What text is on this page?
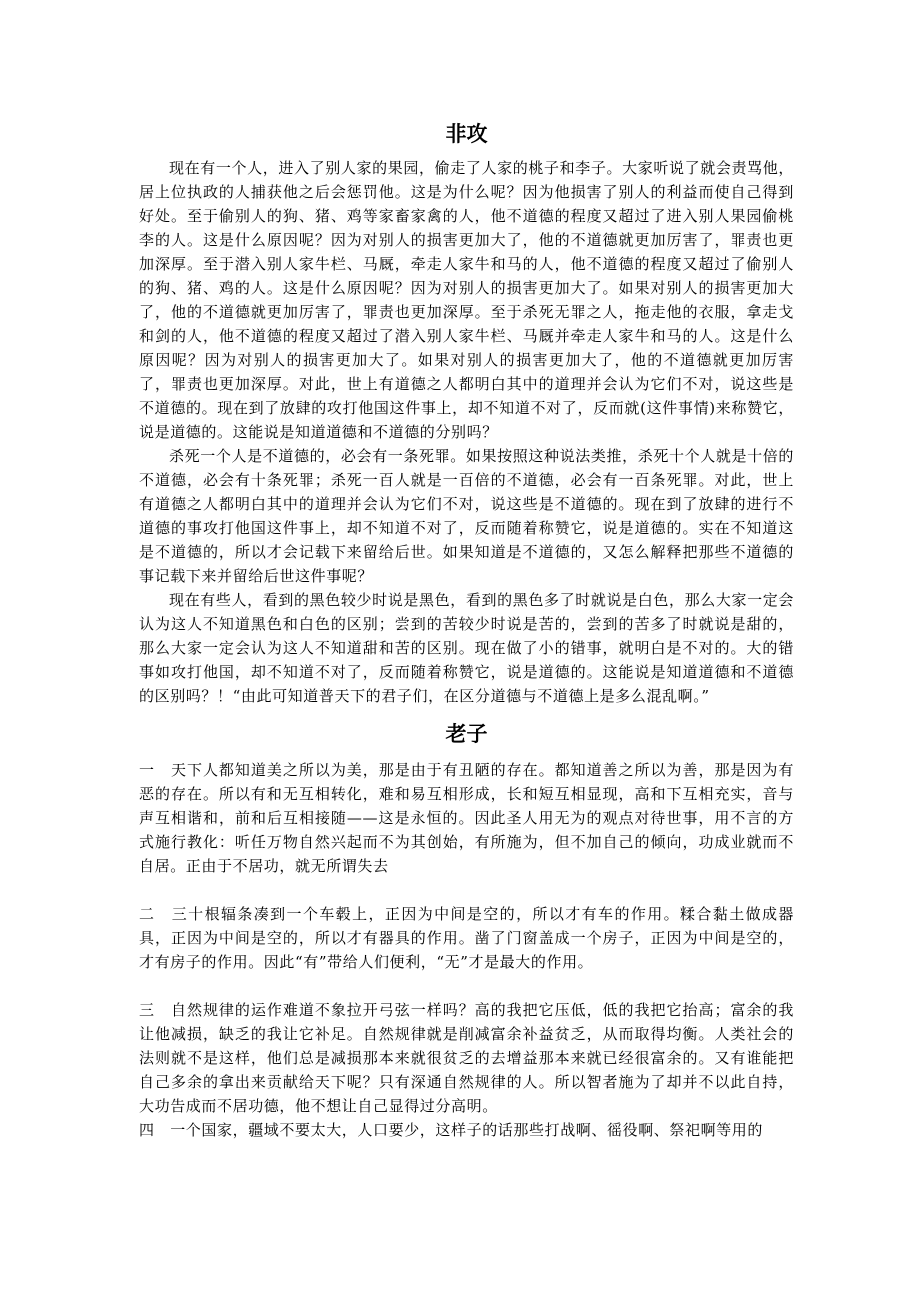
非攻

现在有一个人，进入了别人家的果园，偷走了人家的桃子和李子。大家听说了就会责骂他，居上位执政的人捕获他之后会惩罚他。这是为什么呢？因为他损害了别人的利益而使自己得到好处。至于偷别人的狗、猪、鸡等家畜家禽的人，他不道德的程度又超过了进入别人果园偷桃李的人。这是什么原因呢？因为对别人的损害更加大了，他的不道德就更加厉害了，罪责也更加深厚。至于潜入别人家牛栏、马厩，牵走人家牛和马的人，他不道德的程度又超过了偷别人的狗、猪、鸡的人。这是什么原因呢？因为对别人的损害更加大了。如果对别人的损害更加大了，他的不道德就更加厉害了，罪责也更加深厚。至于杀死无罪之人，拖走他的衣服，拿走戈和剑的人，他不道德的程度又超过了潜入别人家牛栏、马厩并牵走人家牛和马的人。这是什么原因呢？因为对别人的损害更加大了。如果对别人的损害更加大了，他的不道德就更加厉害了，罪责也更加深厚。对此，世上有道德之人都明白其中的道理并会认为它们不对，说这些是不道德的。现在到了放肆的攻打他国这件事上，却不知道不对了，反而就(这件事情)来称赞它，说是道德的。这能说是知道道德和不道德的分别吗？

杀死一个人是不道德的，必会有一条死罪。如果按照这种说法类推，杀死十个人就是十倍的不道德，必会有十条死罪；杀死一百人就是一百倍的不道德，必会有一百条死罪。对此，世上有道德之人都明白其中的道理并会认为它们不对，说这些是不道德的。现在到了放肆的进行不道德的事攻打他国这件事上，却不知道不对了，反而随着称赞它，说是道德的。实在不知道这是不道德的，所以才会记载下来留给后世。如果知道是不道德的，又怎么解释把那些不道德的事记载下来并留给后世这件事呢？

现在有些人，看到的黑色较少时说是黑色，看到的黑色多了时就说是白色，那么大家一定会认为这人不知道黑色和白色的区别；尝到的苦较少时说是苦的，尝到的苦多了时就说是甜的，那么大家一定会认为这人不知道甜和苦的区别。现在做了小的错事，就明白是不对的。大的错事如攻打他国，却不知道不对了，反而随着称赞它，说是道德的。这能说是知道道德和不道德的区别吗？！“由此可知道普天下的君子们，在区分道德与不道德上是多么混乱啊。”

老子

一　天下人都知道美之所以为美，那是由于有丑陋的存在。都知道善之所以为善，那是因为有恶的存在。所以有和无互相转化，难和易互相形成，长和短互相显现，高和下互相充实，音与声互相谐和，前和后互相接随——这是永恒的。因此圣人用无为的观点对待世事，用不言的方式施行教化：听任万物自然兴起而不为其创始，有所施为，但不加自己的倾向，功成业就而不自居。正由于不居功，就无所谓失去

二　三十根辐条凑到一个车毂上，正因为中间是空的，所以才有车的作用。糅合黏土做成器具，正因为中间是空的，所以才有器具的作用。凿了门窗盖成一个房子，正因为中间是空的，才有房子的作用。因此“有”带给人们便利，“无”才是最大的作用。

三　自然规律的运作难道不象拉开弓弦一样吗？高的我把它压低，低的我把它抬高；富余的我让他减损，缺乏的我让它补足。自然规律就是削减富余补益贫乏，从而取得均衡。人类社会的法则就不是这样，他们总是减损那本来就很贫乏的去增益那本来就已经很富余的。又有谁能把自己多余的拿出来贡献给天下呢？只有深通自然规律的人。所以智者施为了却并不以此自持，大功告成而不居功德，他不想让自己显得过分高明。

四　一个国家，疆域不要太大，人口要少，这样子的话那些打战啊、徭役啊、祭祀啊等用的
